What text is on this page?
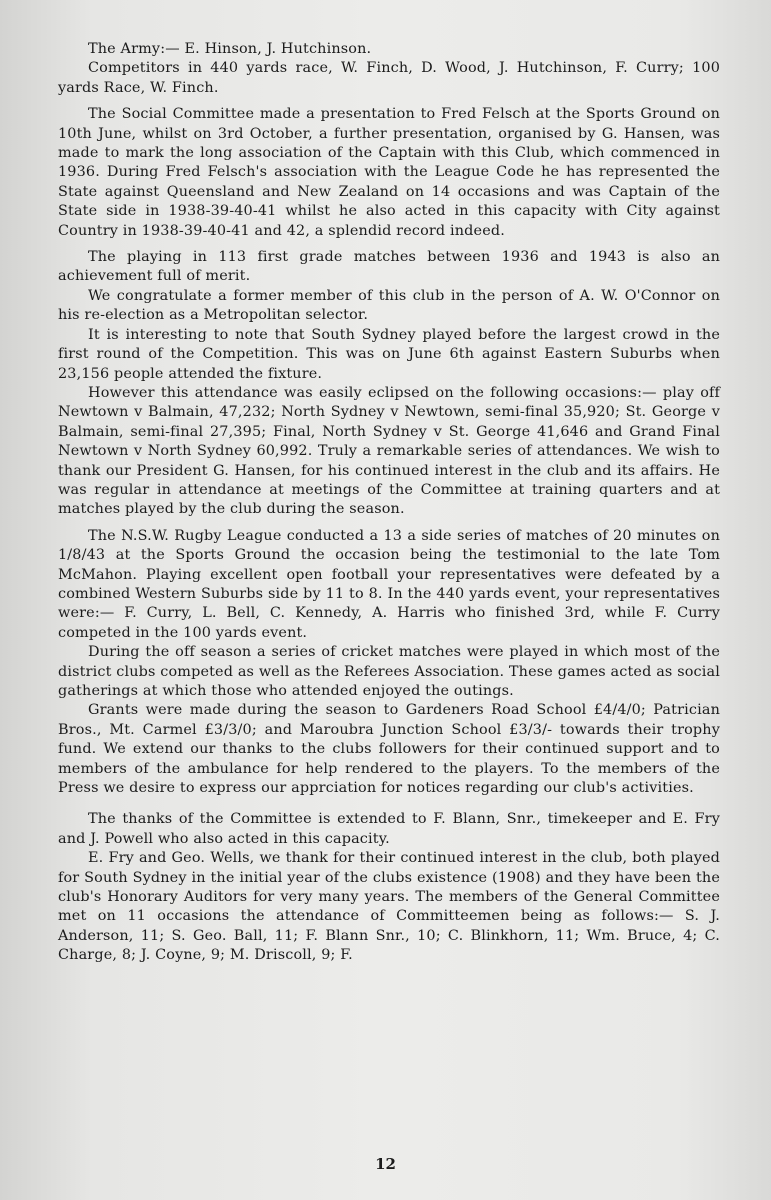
The Army:— E. Hinson, J. Hutchinson.

Competitors in 440 yards race, W. Finch, D. Wood, J. Hutchinson, F. Curry; 100 yards Race, W. Finch.

The Social Committee made a presentation to Fred Felsch at the Sports Ground on 10th June, whilst on 3rd October, a further presentation, organised by G. Hansen, was made to mark the long association of the Captain with this Club, which commenced in 1936. During Fred Felsch's association with the League Code he has represented the State against Queensland and New Zealand on 14 occasions and was Captain of the State side in 1938-39-40-41 whilst he also acted in this capacity with City against Country in 1938-39-40-41 and 42, a splendid record indeed.

The playing in 113 first grade matches between 1936 and 1943 is also an achievement full of merit.

We congratulate a former member of this club in the person of A. W. O'Connor on his re-election as a Metropolitan selector.

It is interesting to note that South Sydney played before the largest crowd in the first round of the Competition. This was on June 6th against Eastern Suburbs when 23,156 people attended the fixture.

However this attendance was easily eclipsed on the following occasions:— play off Newtown v Balmain, 47,232; North Sydney v Newtown, semi-final 35,920; St. George v Balmain, semi-final 27,395; Final, North Sydney v St. George 41,646 and Grand Final Newtown v North Sydney 60,992. Truly a remarkable series of attendances. We wish to thank our President G. Hansen, for his continued interest in the club and its affairs. He was regular in attendance at meetings of the Committee at training quarters and at matches played by the club during the season.

The N.S.W. Rugby League conducted a 13 a side series of matches of 20 minutes on 1/8/43 at the Sports Ground the occasion being the testimonial to the late Tom McMahon. Playing excellent open football your representatives were defeated by a combined Western Suburbs side by 11 to 8. In the 440 yards event, your representatives were:— F. Curry, L. Bell, C. Kennedy, A. Harris who finished 3rd, while F. Curry competed in the 100 yards event.

During the off season a series of cricket matches were played in which most of the district clubs competed as well as the Referees Association. These games acted as social gatherings at which those who attended enjoyed the outings.

Grants were made during the season to Gardeners Road School £4/4/0; Patrician Bros., Mt. Carmel £3/3/0; and Maroubra Junction School £3/3/- towards their trophy fund. We extend our thanks to the clubs followers for their continued support and to members of the ambulance for help rendered to the players. To the members of the Press we desire to express our apprciation for notices regarding our club's activities.

The thanks of the Committee is extended to F. Blann, Snr., timekeeper and E. Fry and J. Powell who also acted in this capacity.

E. Fry and Geo. Wells, we thank for their continued interest in the club, both played for South Sydney in the initial year of the clubs existence (1908) and they have been the club's Honorary Auditors for very many years. The members of the General Committee met on 11 occasions the attendance of Committeemen being as follows:— S. J. Anderson, 11; S. Geo. Ball, 11; F. Blann Snr., 10; C. Blinkhorn, 11; Wm. Bruce, 4; C. Charge, 8; J. Coyne, 9; M. Driscoll, 9; F.

12
